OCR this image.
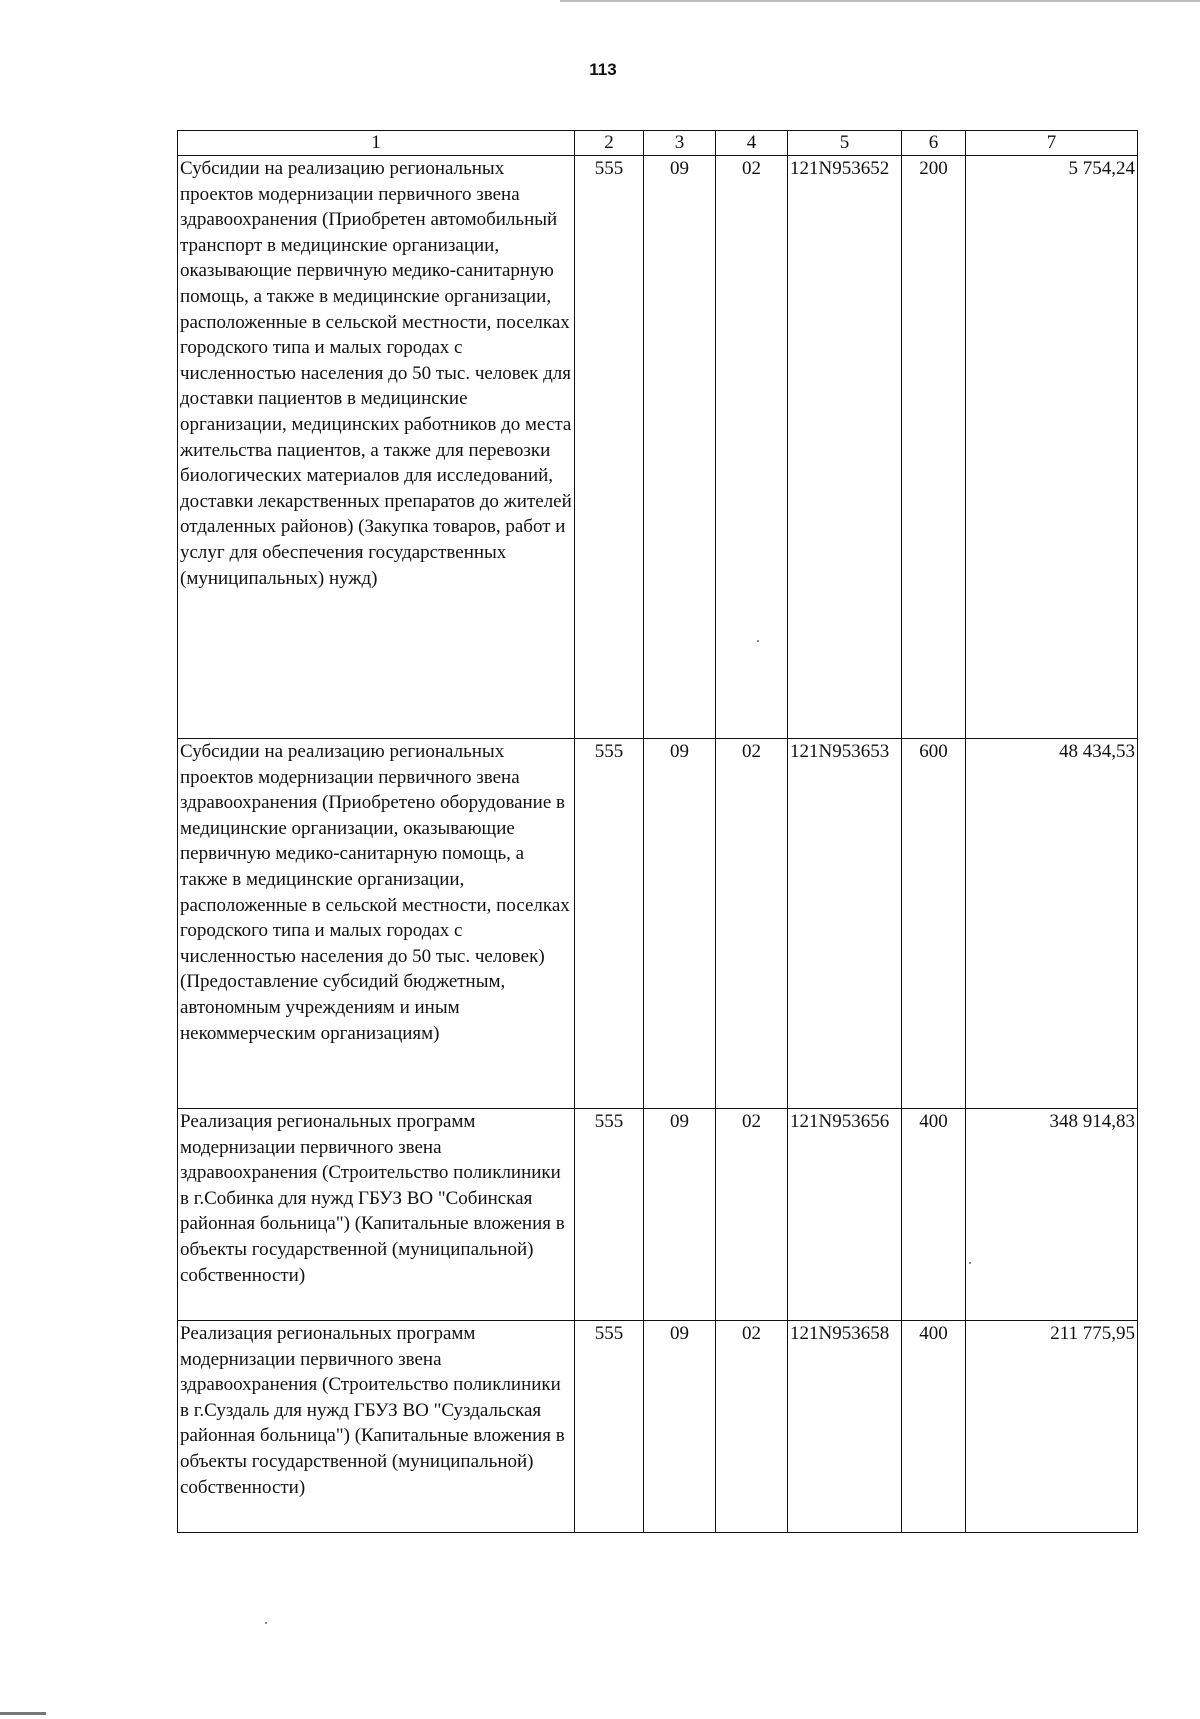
113
1	2	3	4	5	6	7
Субсидии на реализацию региональных проектов модернизации первичного звена здравоохранения (Приобретен автомобильный транспорт в медицинские организации, оказывающие первичную медико-санитарную помощь, а также в медицинские организации, расположенные в сельской местности, поселках городского типа и малых городах с численностью населения до 50 тыс. человек для доставки пациентов в медицинские организации, медицинских работников до места жительства пациентов, а также для перевозки биологических материалов для исследований, доставки лекарственных препаратов до жителей отдаленных районов) (Закупка товаров, работ и услуг для обеспечения государственных (муниципальных) нужд)	555	09	02	121N953652	200	5 754,24
Субсидии на реализацию региональных проектов модернизации первичного звена здравоохранения (Приобретено оборудование в медицинские организации, оказывающие первичную медико-санитарную помощь, а также в медицинские организации, расположенные в сельской местности, поселках городского типа и малых городах с численностью населения до 50 тыс. человек) (Предоставление субсидий бюджетным, автономным учреждениям и иным некоммерческим организациям)	555	09	02	121N953653	600	48 434,53
Реализация региональных программ модернизации первичного звена здравоохранения (Строительство поликлиники в г.Собинка для нужд ГБУЗ ВО "Собинская районная больница") (Капитальные вложения в объекты государственной (муниципальной) собственности)	555	09	02	121N953656	400	348 914,83
Реализация региональных программ модернизации первичного звена здравоохранения (Строительство поликлиники в г.Суздаль для нужд ГБУЗ ВО "Суздальская районная больница") (Капитальные вложения в объекты государственной (муниципальной) собственности)	555	09	02	121N953658	400	211 775,95
